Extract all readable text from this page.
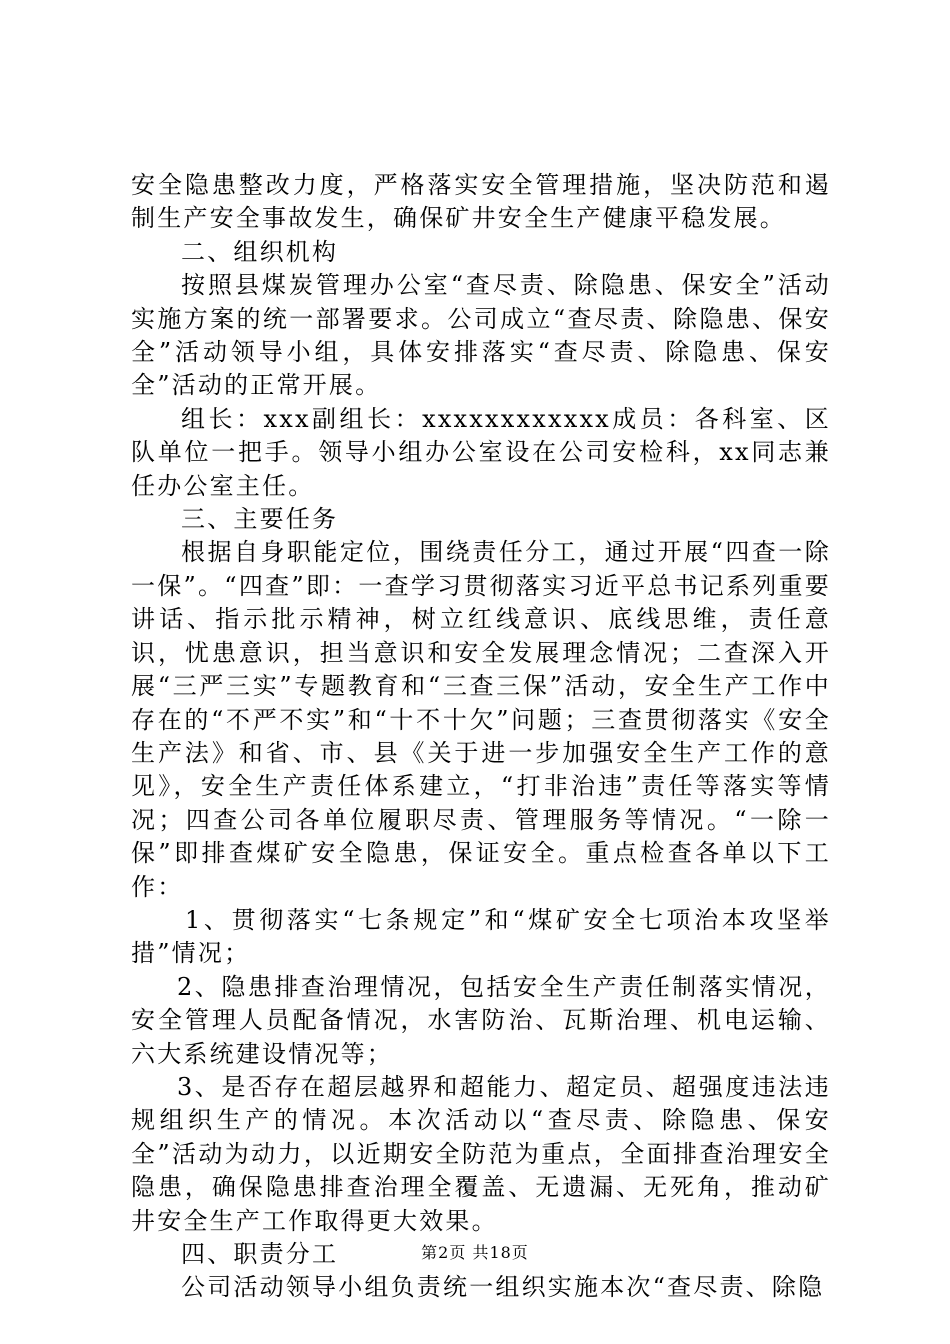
安全隐患整改力度，严格落实安全管理措施，坚决防范和遏制生产安全事故发生，确保矿井安全生产健康平稳发展。

二、组织机构

按照县煤炭管理办公室“查尽责、除隐患、保安全”活动实施方案的统一部署要求。公司成立“查尽责、除隐患、保安全”活动领导小组，具体安排落实“查尽责、除隐患、保安全”活动的正常开展。

组长：xxx副组长：xxxxxxxxxxxx成员：各科室、区队单位一把手。领导小组办公室设在公司安检科，xx同志兼任办公室主任。

三、主要任务

根据自身职能定位，围绕责任分工，通过开展“四查一除一保”。“四查”即：一查学习贯彻落实习近平总书记系列重要讲话、指示批示精神，树立红线意识、底线思维，责任意识，忧患意识，担当意识和安全发展理念情况；二查深入开展“三严三实”专题教育和“三查三保”活动，安全生产工作中存在的“不严不实”和“十不十欠”问题；三查贯彻落实《安全生产法》和省、市、县《关于进一步加强安全生产工作的意见》，安全生产责任体系建立，“打非治违”责任等落实等情况；四查公司各单位履职尽责、管理服务等情况。“一除一保”即排查煤矿安全隐患，保证安全。重点检查各单以下工作：

1、贯彻落实“七条规定”和“煤矿安全七项治本攻坚举措”情况；

2、隐患排查治理情况，包括安全生产责任制落实情况，安全管理人员配备情况，水害防治、瓦斯治理、机电运输、六大系统建设情况等；

3、是否存在超层越界和超能力、超定员、超强度违法违规组织生产的情况。本次活动以“查尽责、除隐患、保安全”活动为动力，以近期安全防范为重点，全面排查治理安全隐患，确保隐患排查治理全覆盖、无遗漏、无死角，推动矿井安全生产工作取得更大效果。

四、职责分工

公司活动领导小组负责统一组织实施本次“查尽责、除隐

第2页 共18页
